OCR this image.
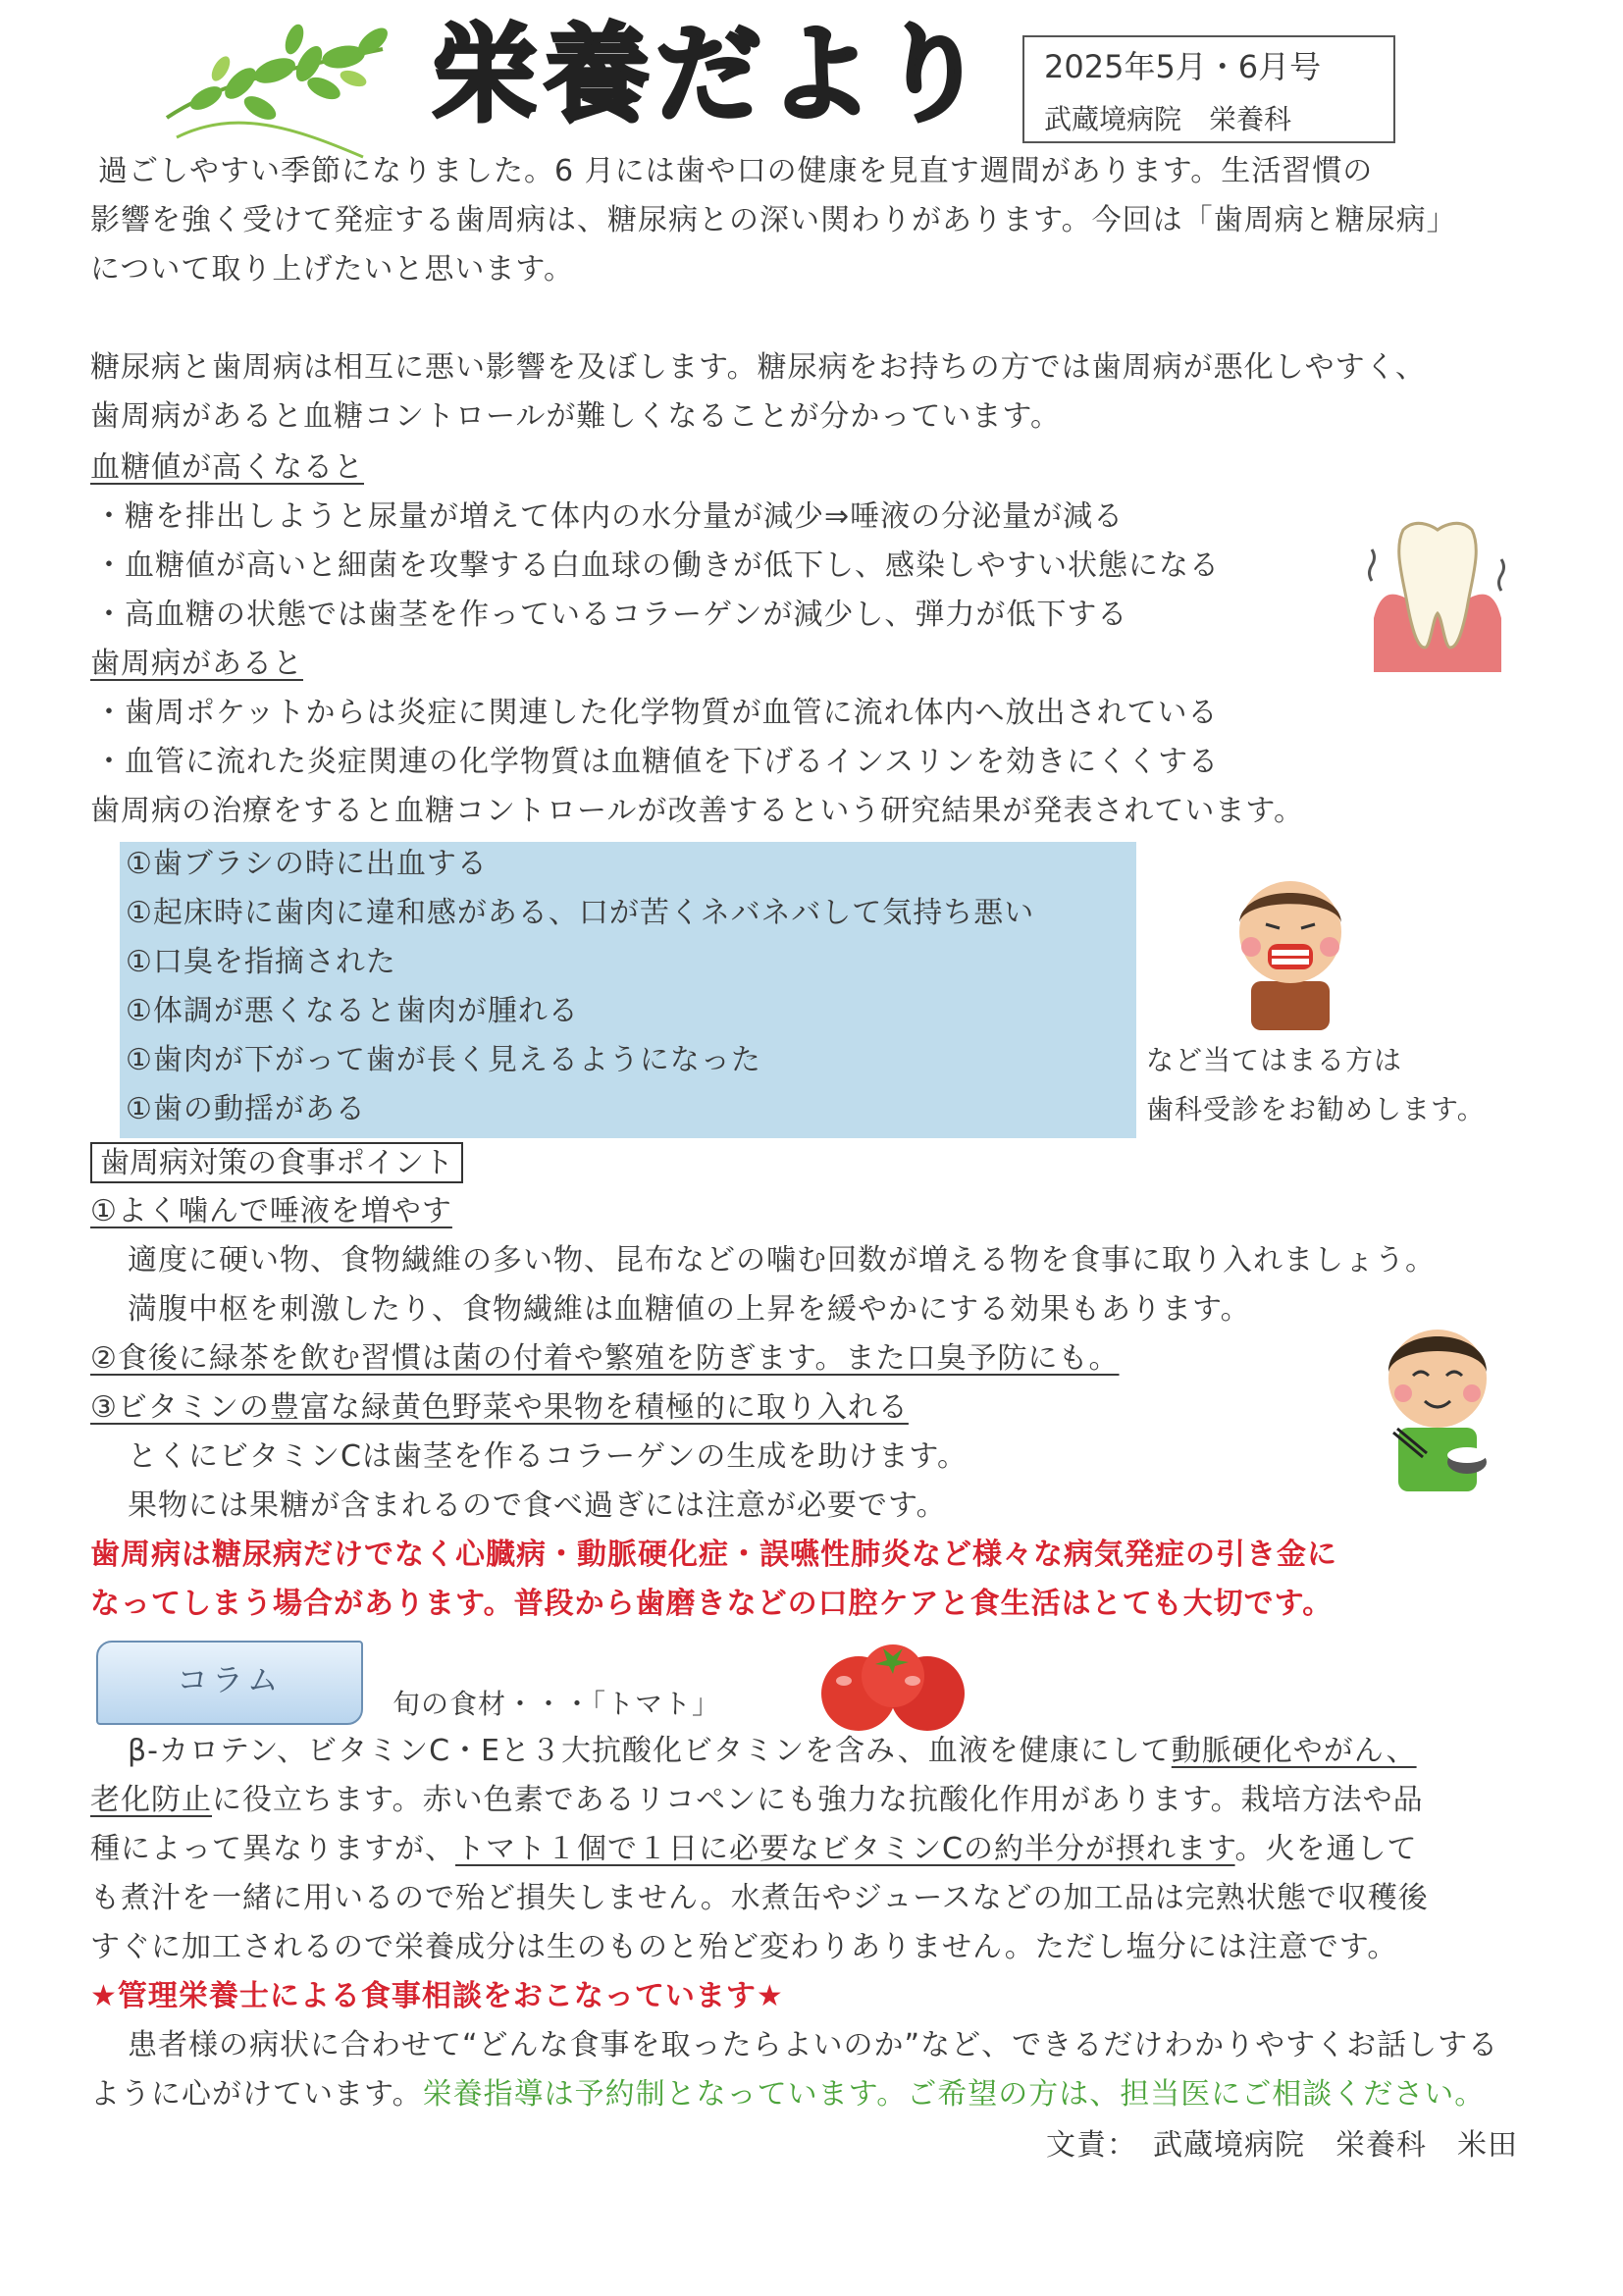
栄養だより 2025年5月・6月号
武蔵境病院　栄養科
過ごしやすい季節になりました。6 月には歯や口の健康を見直す週間があります。生活習慣の
影響を強く受けて発症する歯周病は、糖尿病との深い関わりがあります。今回は「歯周病と糖尿病」
について取り上げたいと思います。
糖尿病と歯周病は相互に悪い影響を及ぼします。糖尿病をお持ちの方では歯周病が悪化しやすく、
歯周病があると血糖コントロールが難しくなることが分かっています。
血糖値が高くなると
・糖を排出しようと尿量が増えて体内の水分量が減少⇒唾液の分泌量が減る
・血糖値が高いと細菌を攻撃する白血球の働きが低下し、感染しやすい状態になる
・高血糖の状態では歯茎を作っているコラーゲンが減少し、弾力が低下する
歯周病があると
・歯周ポケットからは炎症に関連した化学物質が血管に流れ体内へ放出されている
・血管に流れた炎症関連の化学物質は血糖値を下げるインスリンを効きにくくする
歯周病の治療をすると血糖コントロールが改善するという研究結果が発表されています。
①歯ブラシの時に出血する
①起床時に歯肉に違和感がある、口が苦くネバネバして気持ち悪い
①口臭を指摘された
①体調が悪くなると歯肉が腫れる
①歯肉が下がって歯が長く見えるようになった
①歯の動揺がある
など当てはまる方は
歯科受診をお勧めします。
歯周病対策の食事ポイント
①よく噛んで唾液を増やす
適度に硬い物、食物繊維の多い物、昆布などの噛む回数が増える物を食事に取り入れましょう。
満腹中枢を刺激したり、食物繊維は血糖値の上昇を緩やかにする効果もあります。
②食後に緑茶を飲む習慣は菌の付着や繁殖を防ぎます。また口臭予防にも。
③ビタミンの豊富な緑黄色野菜や果物を積極的に取り入れる
とくにビタミンCは歯茎を作るコラーゲンの生成を助けます。
果物には果糖が含まれるので食べ過ぎには注意が必要です。
歯周病は糖尿病だけでなく心臓病・動脈硬化症・誤嚥性肺炎など様々な病気発症の引き金に
なってしまう場合があります。普段から歯磨きなどの口腔ケアと食生活はとても大切です。
コラム
旬の食材・・・「トマト」
β-カロテン、ビタミンC・Eと３大抗酸化ビタミンを含み、血液を健康にして動脈硬化やがん、
老化防止に役立ちます。赤い色素であるリコペンにも強力な抗酸化作用があります。栽培方法や品
種によって異なりますが、トマト１個で１日に必要なビタミンCの約半分が摂れます。火を通して
も煮汁を一緒に用いるので殆ど損失しません。水煮缶やジュースなどの加工品は完熟状態で収穫後
すぐに加工されるので栄養成分は生のものと殆ど変わりありません。ただし塩分には注意です。
★管理栄養士による食事相談をおこなっています★
患者様の病状に合わせて“どんな食事を取ったらよいのか”など、できるだけわかりやすくお話しする
ように心がけています。栄養指導は予約制となっています。ご希望の方は、担当医にご相談ください。
文責：　武蔵境病院　栄養科　米田
